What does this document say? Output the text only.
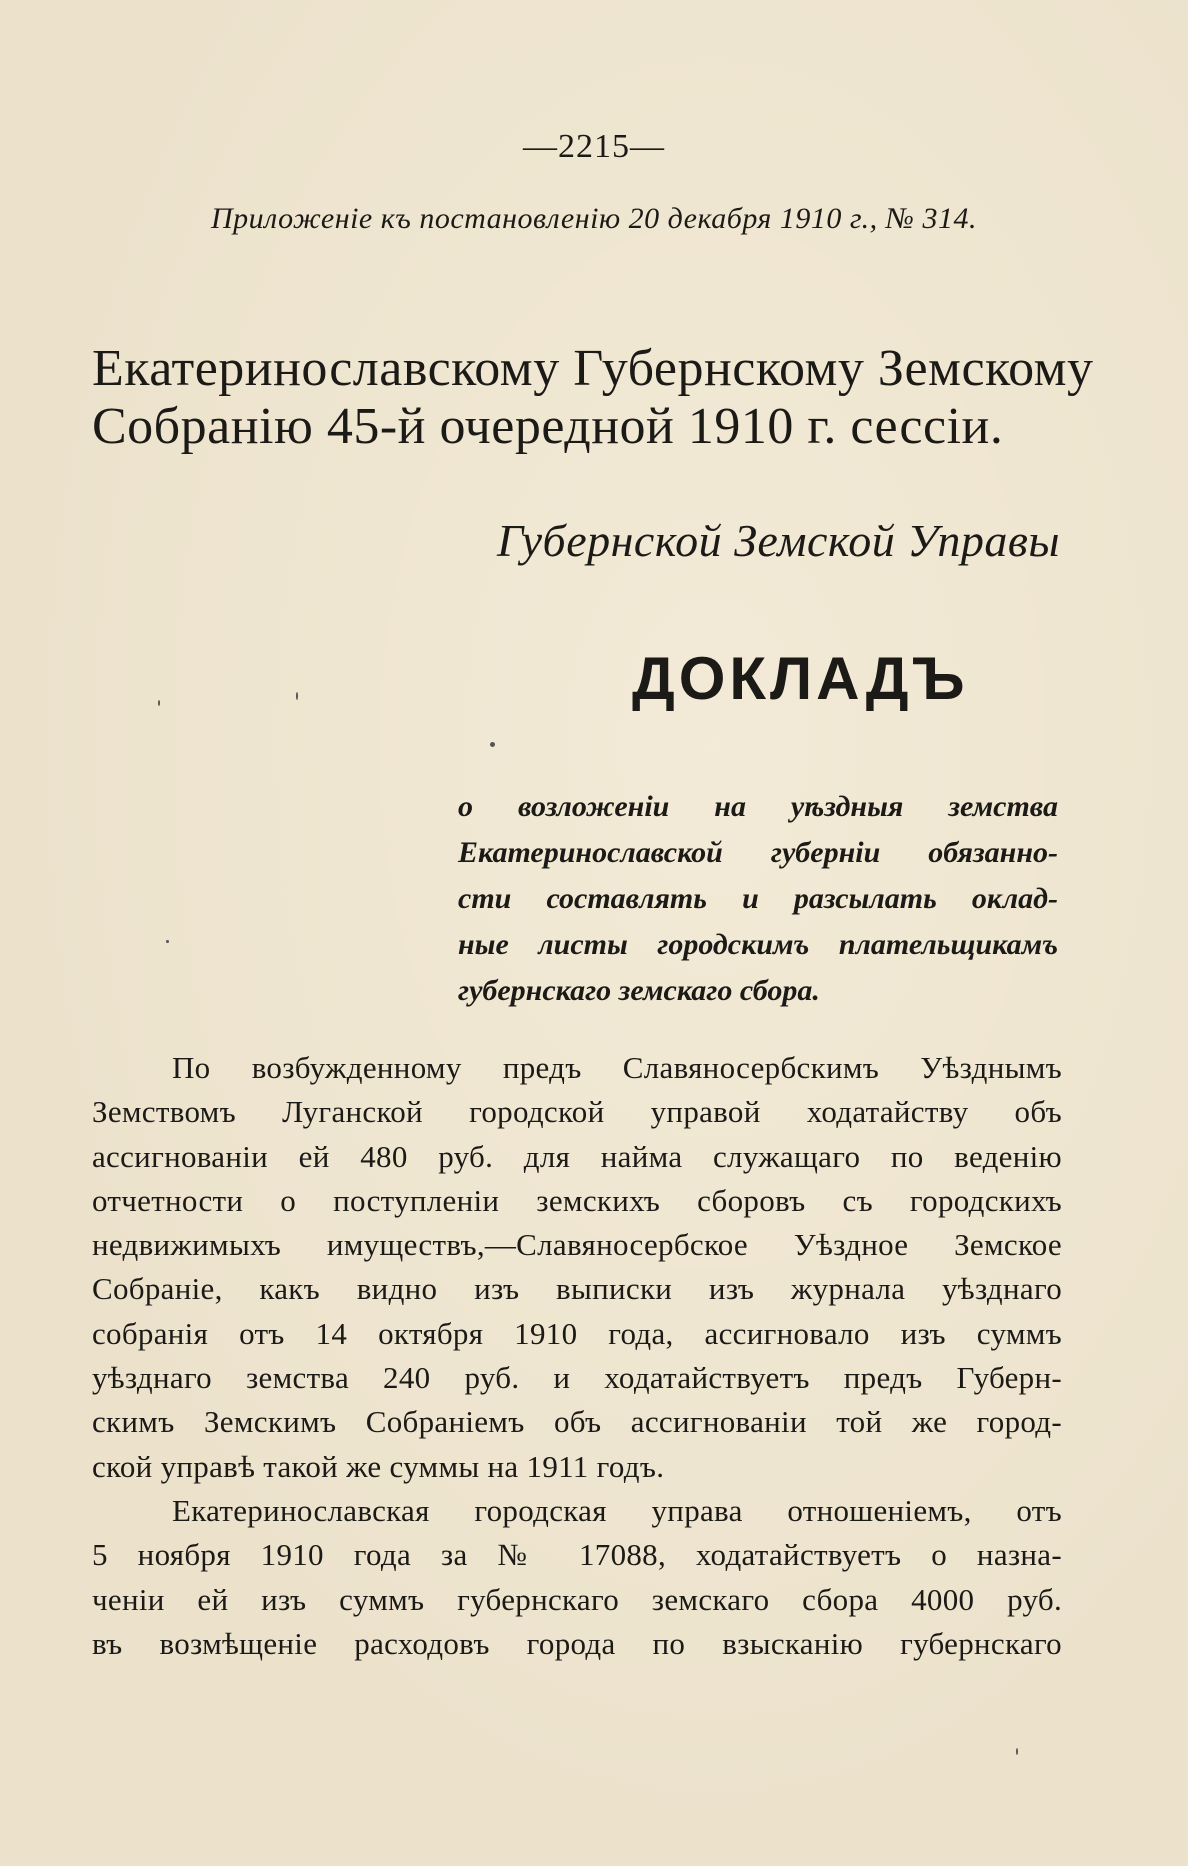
—2215—
Приложеніе къ постановленію 20 декабря 1910 г., № 314.
Екатеринославскому Губернскому Земскому
Собранію 45-й очередной 1910 г. сессіи.
Губернской Земской Управы
ДОКЛАДЪ
о возложеніи на уѣздныя земства
Екатеринославской губерніи обязанно-
сти составлять и разсылать оклад-
ные листы городскимъ плательщикамъ
губернскаго земскаго сбора.
По возбужденному предъ Славяносербскимъ Уѣзднымъ
Земствомъ Луганской городской управой ходатайству объ
ассигнованіи ей 480 руб. для найма служащаго по веденію
отчетности о поступленіи земскихъ сборовъ съ городскихъ
недвижимыхъ имуществъ,—Славяносербское Уѣздное Земское
Собраніе, какъ видно изъ выписки изъ журнала уѣзднаго
собранія отъ 14 октября 1910 года, ассигновало изъ суммъ
уѣзднаго земства 240 руб. и ходатайствуетъ предъ Губерн-
скимъ Земскимъ Собраніемъ объ ассигнованіи той же город-
ской управѣ такой же суммы на 1911 годъ.
Екатеринославская городская управа отношеніемъ, отъ
5 ноября 1910 года за № 17088, ходатайствуетъ о назна-
ченіи ей изъ суммъ губернскаго земскаго сбора 4000 руб.
въ возмѣщеніе расходовъ города по взысканію губернскаго
